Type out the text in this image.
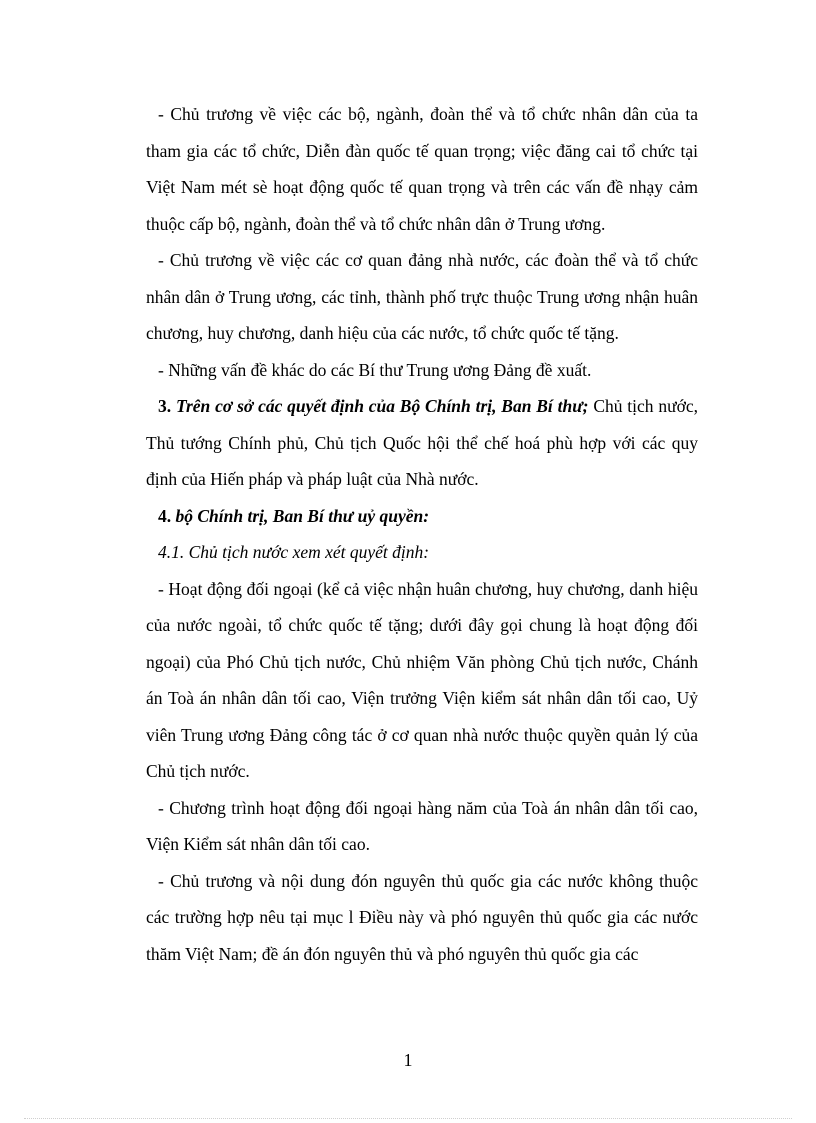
- Chủ trương về việc các bộ, ngành, đoàn thể và tổ chức nhân dân của ta tham gia các tổ chức, Diễn đàn quốc tế quan trọng; việc đăng cai tổ chức tại Việt Nam mét sè hoạt động quốc tế quan trọng và trên các vấn đề nhạy cảm thuộc cấp bộ, ngành, đoàn thể và tổ chức nhân dân ở Trung ương.

- Chủ trương về việc các cơ quan đảng nhà nước, các đoàn thể và tổ chức nhân dân ở Trung ương, các tỉnh, thành phố trực thuộc Trung ương nhận huân chương, huy chương, danh hiệu của các nước, tổ chức quốc tế tặng.

- Những vấn đề khác do các Bí thư Trung ương Đảng đề xuất.

3. Trên cơ sở các quyết định của Bộ Chính trị, Ban Bí thư; Chủ tịch nước, Thủ tướng Chính phủ, Chủ tịch Quốc hội thể chế hoá phù hợp với các quy định của Hiến pháp và pháp luật của Nhà nước.

4. bộ Chính trị, Ban Bí thư uỷ quyền:

4.1. Chủ tịch nước xem xét quyết định:

- Hoạt động đối ngoại (kể cả việc nhận huân chương, huy chương, danh hiệu của nước ngoài, tổ chức quốc tế tặng; dưới đây gọi chung là hoạt động đối ngoại) của Phó Chủ tịch nước, Chủ nhiệm Văn phòng Chủ tịch nước, Chánh án Toà án nhân dân tối cao, Viện trưởng Viện kiểm sát nhân dân tối cao, Uỷ viên Trung ương Đảng công tác ở cơ quan nhà nước thuộc quyền quản lý của Chủ tịch nước.

- Chương trình hoạt động đối ngoại hàng năm của Toà án nhân dân tối cao, Viện Kiểm sát nhân dân tối cao.

- Chủ trương và nội dung đón nguyên thủ quốc gia các nước không thuộc các trường hợp nêu tại mục l Điều này và phó nguyên thủ quốc gia các nước thăm Việt Nam; đề án đón nguyên thủ và phó nguyên thủ quốc gia các

1
